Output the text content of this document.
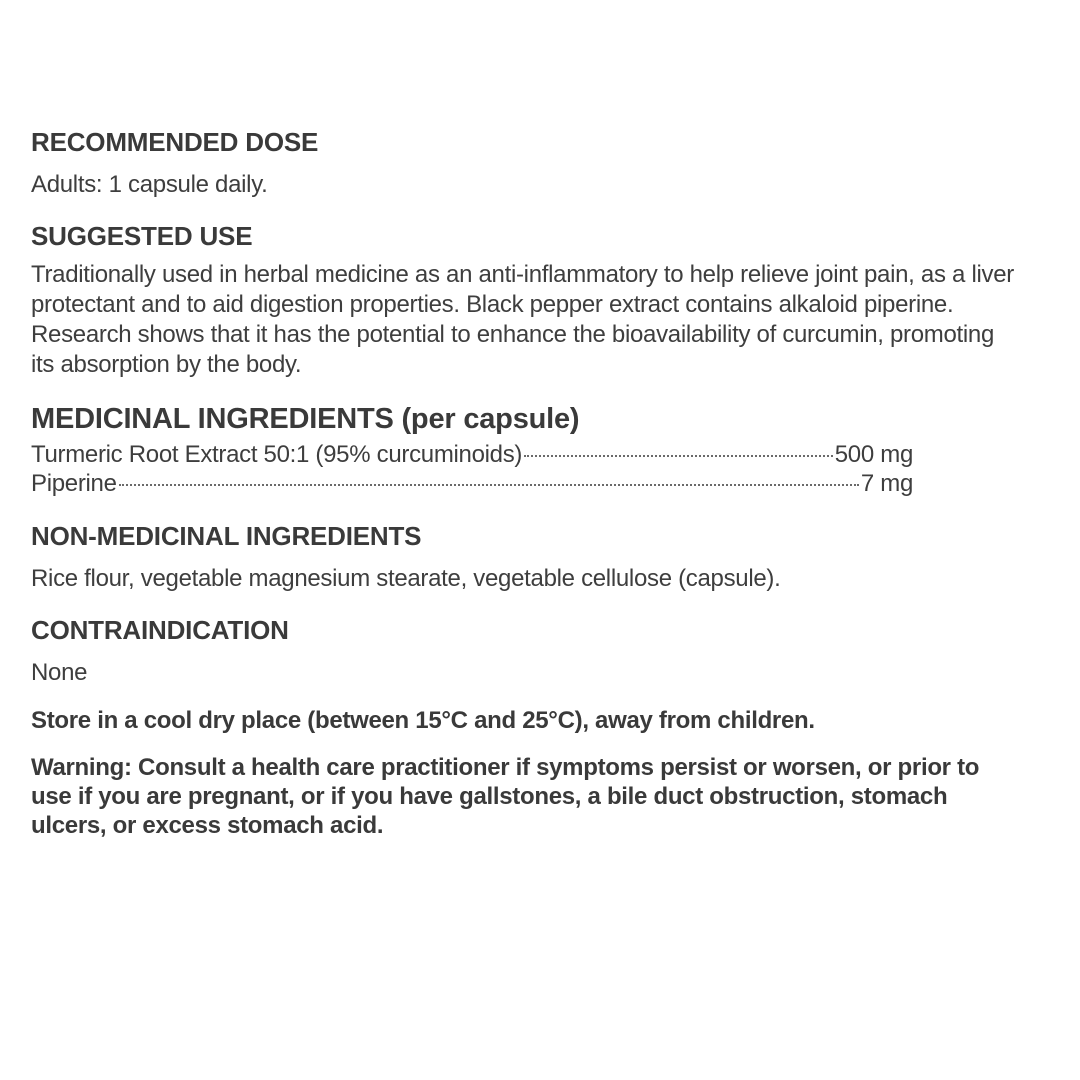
RECOMMENDED DOSE

Adults: 1 capsule daily.

SUGGESTED USE

Traditionally used in herbal medicine as an anti-inflammatory to help relieve joint pain, as a liver protectant and to aid digestion properties. Black pepper extract contains alkaloid piperine. Research shows that it has the potential to enhance the bioavailability of curcumin, promoting its absorption by the body.

MEDICINAL INGREDIENTS (per capsule)
Turmeric Root Extract 50:1 (95% curcuminoids)	500 mg
Piperine	7 mg
NON-MEDICINAL INGREDIENTS

Rice flour, vegetable magnesium stearate, vegetable cellulose (capsule).

CONTRAINDICATION

None

Store in a cool dry place (between 15°C and 25°C), away from children.

Warning: Consult a health care practitioner if symptoms persist or worsen, or prior to use if you are pregnant, or if you have gallstones, a bile duct obstruction, stomach ulcers, or excess stomach acid.
